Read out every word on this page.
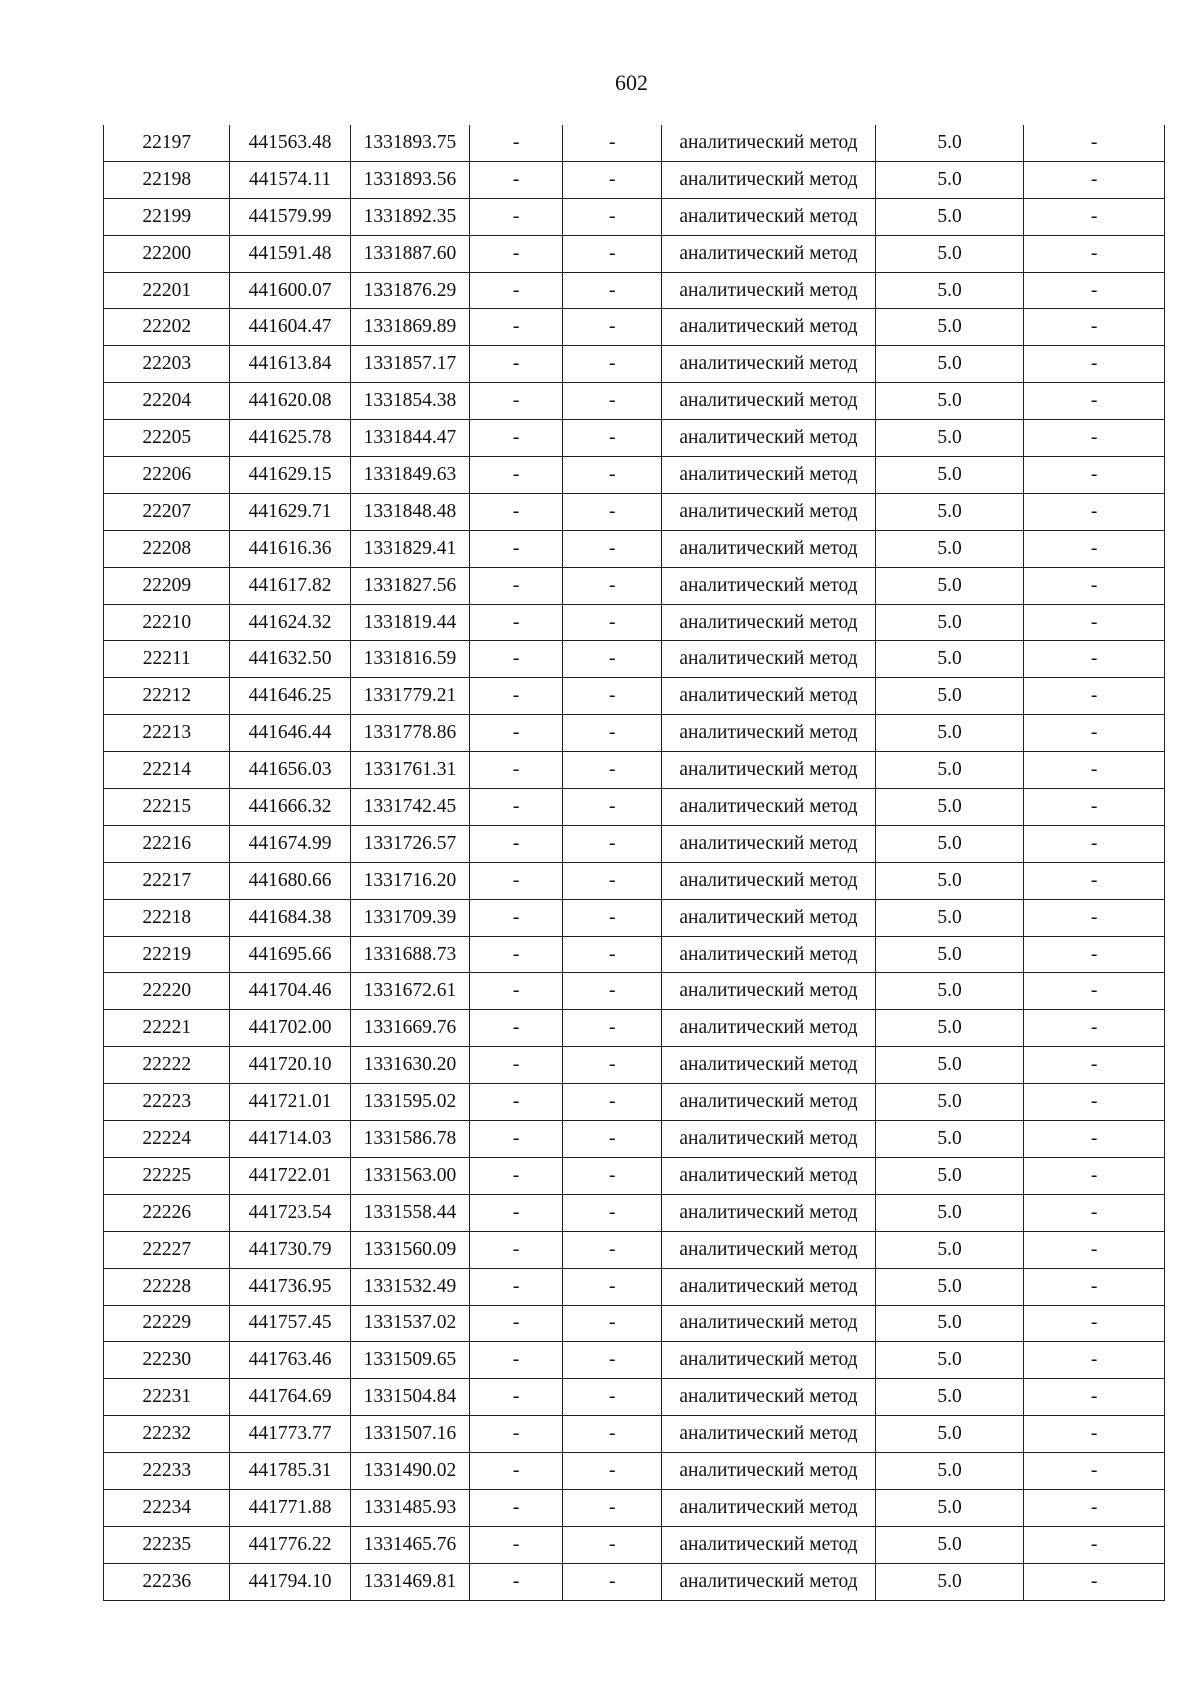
602
22197	441563.48	1331893.75	-	-	аналитический метод	5.0	-
22198	441574.11	1331893.56	-	-	аналитический метод	5.0	-
22199	441579.99	1331892.35	-	-	аналитический метод	5.0	-
22200	441591.48	1331887.60	-	-	аналитический метод	5.0	-
22201	441600.07	1331876.29	-	-	аналитический метод	5.0	-
22202	441604.47	1331869.89	-	-	аналитический метод	5.0	-
22203	441613.84	1331857.17	-	-	аналитический метод	5.0	-
22204	441620.08	1331854.38	-	-	аналитический метод	5.0	-
22205	441625.78	1331844.47	-	-	аналитический метод	5.0	-
22206	441629.15	1331849.63	-	-	аналитический метод	5.0	-
22207	441629.71	1331848.48	-	-	аналитический метод	5.0	-
22208	441616.36	1331829.41	-	-	аналитический метод	5.0	-
22209	441617.82	1331827.56	-	-	аналитический метод	5.0	-
22210	441624.32	1331819.44	-	-	аналитический метод	5.0	-
22211	441632.50	1331816.59	-	-	аналитический метод	5.0	-
22212	441646.25	1331779.21	-	-	аналитический метод	5.0	-
22213	441646.44	1331778.86	-	-	аналитический метод	5.0	-
22214	441656.03	1331761.31	-	-	аналитический метод	5.0	-
22215	441666.32	1331742.45	-	-	аналитический метод	5.0	-
22216	441674.99	1331726.57	-	-	аналитический метод	5.0	-
22217	441680.66	1331716.20	-	-	аналитический метод	5.0	-
22218	441684.38	1331709.39	-	-	аналитический метод	5.0	-
22219	441695.66	1331688.73	-	-	аналитический метод	5.0	-
22220	441704.46	1331672.61	-	-	аналитический метод	5.0	-
22221	441702.00	1331669.76	-	-	аналитический метод	5.0	-
22222	441720.10	1331630.20	-	-	аналитический метод	5.0	-
22223	441721.01	1331595.02	-	-	аналитический метод	5.0	-
22224	441714.03	1331586.78	-	-	аналитический метод	5.0	-
22225	441722.01	1331563.00	-	-	аналитический метод	5.0	-
22226	441723.54	1331558.44	-	-	аналитический метод	5.0	-
22227	441730.79	1331560.09	-	-	аналитический метод	5.0	-
22228	441736.95	1331532.49	-	-	аналитический метод	5.0	-
22229	441757.45	1331537.02	-	-	аналитический метод	5.0	-
22230	441763.46	1331509.65	-	-	аналитический метод	5.0	-
22231	441764.69	1331504.84	-	-	аналитический метод	5.0	-
22232	441773.77	1331507.16	-	-	аналитический метод	5.0	-
22233	441785.31	1331490.02	-	-	аналитический метод	5.0	-
22234	441771.88	1331485.93	-	-	аналитический метод	5.0	-
22235	441776.22	1331465.76	-	-	аналитический метод	5.0	-
22236	441794.10	1331469.81	-	-	аналитический метод	5.0	-
